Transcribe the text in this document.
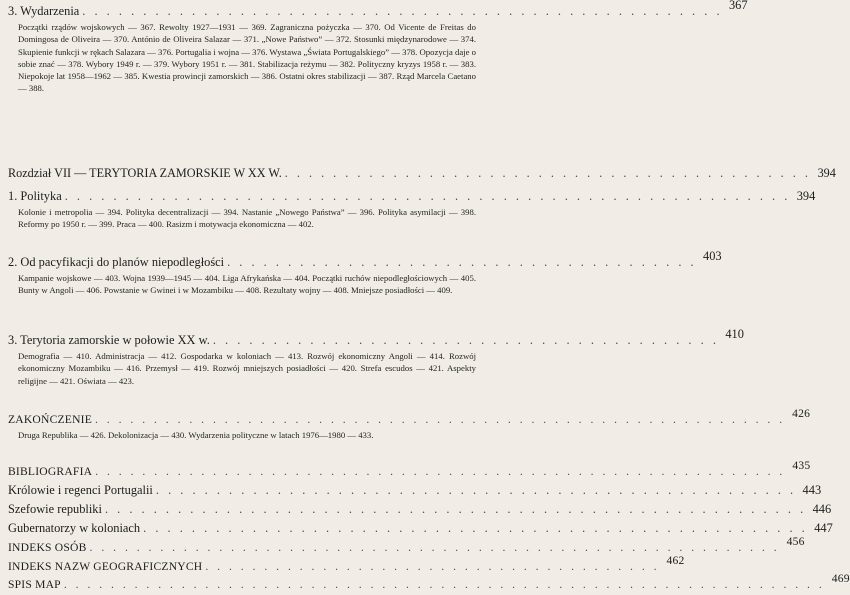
3. Wydarzenia . . . . . . . . . . . . . . . . . . . . . . . . . . . . . . . . . . . . . . . . . . . . . . . . . . . . . 367
Początki rządów wojskowych — 367. Rewolty 1927—1931 — 369. Zagraniczna pożyczka — 370. Od Vicente de Freitas do Domingosa de Oliveira — 370. António de Oliveira Salazar — 371. „Nowe Państwo” — 372. Stosunki międzynarodowe — 374. Skupienie funkcji w rękach Salazara — 376. Portugalia i wojna — 376. Wystawa „Świata Portugalskiego” — 378. Opozycja daje o sobie znać — 378. Wybory 1949 r. — 379. Wybory 1951 r. — 381. Stabilizacja reżymu — 382. Polityczny kryzys 1958 r. — 383. Niepokoje lat 1958—1962 — 385. Kwestia prowincji zamorskich — 386. Ostatni okres stabilizacji — 387. Rząd Marcela Caetano — 388.
Rozdział VII — TERYTORIA ZAMORSKIE W XX W. . . . . . . . . . . . . . . . . . . . . . . . . . . . . . . . . . . . . . . . . . . . . 394
1. Polityka . . . . . . . . . . . . . . . . . . . . . . . . . . . . . . . . . . . . . . . . . . . . . . . . . . . . . . . . . . . . 394
Kolonie i metropolia — 394. Polityka decentralizacji — 394. Nastanie „Nowego Państwa” — 396. Polityka asymilacji — 398. Reformy po 1950 r. — 399. Praca — 400. Rasizm i motywacja ekonomiczna — 402.
2. Od pacyfikacji do planów niepodległości . . . . . . . . . . . . . . . . . . . . . . . . . . . . . . . . . . . . . . . 403
Kampanie wojskowe — 403. Wojna 1939—1945 — 404. Liga Afrykańska — 404. Początki ruchów niepodległościowych — 405. Bunty w Angoli — 406. Powstanie w Gwinei i w Mozambiku — 408. Rezultaty wojny — 408. Mniejsze posiadłości — 409.
3. Terytoria zamorskie w połowie XX w. . . . . . . . . . . . . . . . . . . . . . . . . . . . . . . . . . . . . . . . . . . 410
Demografia — 410. Administracja — 412. Gospodarka w koloniach — 413. Rozwój ekonomiczny Angoli — 414. Rozwój ekonomiczny Mozambiku — 416. Przemysł — 419. Rozwój mniejszych posiadłości — 420. Strefa escudos — 421. Aspekty religijne — 421. Oświata — 423.
ZAKOŃCZENIE . . . . . . . . . . . . . . . . . . . . . . . . . . . . . . . . . . . . . . . . . . . . . . . . . . . . . . . . . . . 426
Druga Republika — 426. Dekolonizacja — 430. Wydarzenia polityczne w latach 1976—1980 — 433.
BIBLIOGRAFIA . . . . . . . . . . . . . . . . . . . . . . . . . . . . . . . . . . . . . . . . . . . . . . . . . . . . . . . . . . . 435
Królowie i regenci Portugalii . . . . . . . . . . . . . . . . . . . . . . . . . . . . . . . . . . . . . . . . . . . . . . . . . . . . . 443
Szefowie republiki . . . . . . . . . . . . . . . . . . . . . . . . . . . . . . . . . . . . . . . . . . . . . . . . . . . . . . . . . . 446
Gubernatorzy w koloniach . . . . . . . . . . . . . . . . . . . . . . . . . . . . . . . . . . . . . . . . . . . . . . . . . . . . . . . 447
INDEKS OSÓB . . . . . . . . . . . . . . . . . . . . . . . . . . . . . . . . . . . . . . . . . . . . . . . . . . . . . . . . . . . 456
INDEKS NAZW GEOGRAFICZNYCH . . . . . . . . . . . . . . . . . . . . . . . . . . . . . . . . . . . . . . . 462
SPIS MAP . . . . . . . . . . . . . . . . . . . . . . . . . . . . . . . . . . . . . . . . . . . . . . . . . . . . . . . . . . . . . . . . . 469
